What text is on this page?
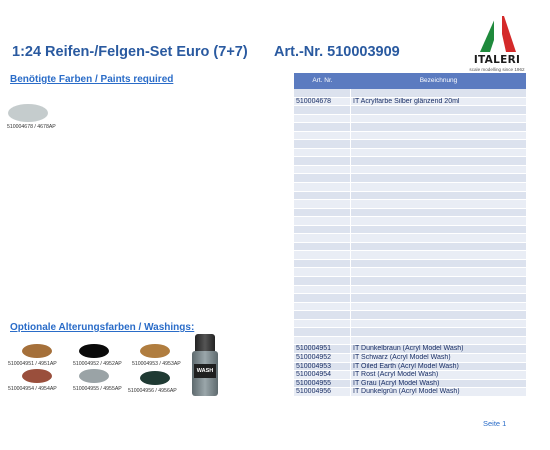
1:24 Reifen-/Felgen-Set Euro (7+7) Art.-Nr. 510003909	ITALERI
scale modelling since 1962
Benötigte Farben / Paints required
510004678 / 4678AP
Optionale Alterungsfarben / Washings:
510004951 / 4951AP	510004952 / 4952AP 510004953 / 4953AP
510004954 / 4954AP	510004955 / 4955AP 510004956 / 4956AP
WASH
Art. Nr.	Bezeichnung
510004678	IT Acrylfarbe Silber glänzend 20ml
510004951	IT Dunkelbraun (Acryl Model Wash)
510004952	IT Schwarz (Acryl Model Wash)
510004953	IT Oiled Earth (Acryl Model Wash)
510004954	IT Rost (Acryl Model Wash)
510004955	IT Grau (Acryl Model Wash)
510004956	IT Dunkelgrün (Acryl Model Wash)
Seite 1
